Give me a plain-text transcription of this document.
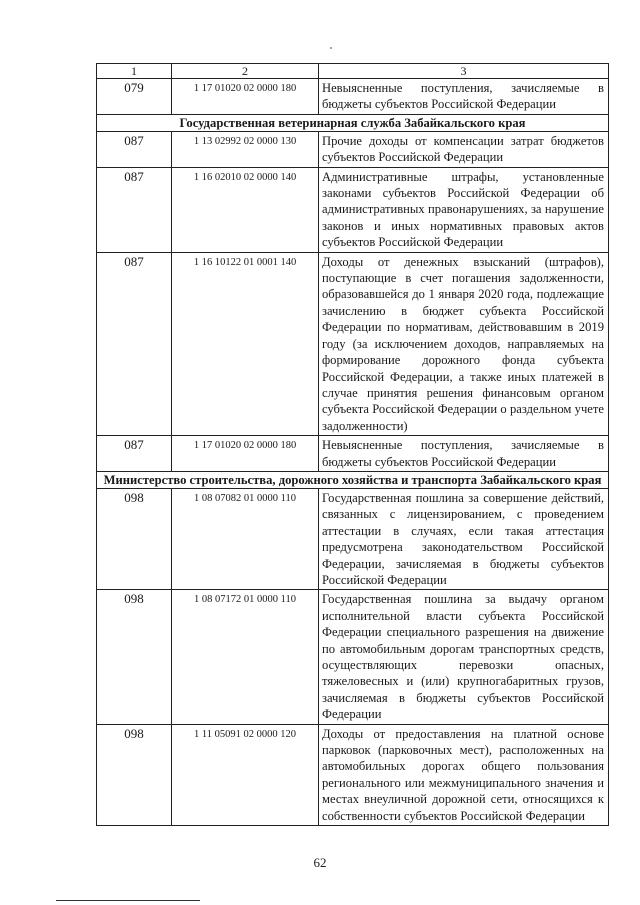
1	2	3
079	1 17 01020 02 0000 180	Невыясненные поступления, зачисляемые в бюджеты субъектов Российской Федерации
Государственная ветеринарная служба Забайкальского края		
087	1 13 02992 02 0000 130	Прочие доходы от компенсации затрат бюджетов субъектов Российской Федерации
087	1 16 02010 02 0000 140	Административные штрафы, установленные законами субъектов Российской Федерации об административных правонарушениях, за нарушение законов и иных нормативных правовых актов субъектов Российской Федерации
087	1 16 10122 01 0001 140	Доходы от денежных взысканий (штрафов), поступающие в счет погашения задолженности, образовавшейся до 1 января 2020 года, подлежащие зачислению в бюджет субъекта Российской Федерации по нормативам, действовавшим в 2019 году (за исключением доходов, направляемых на формирование дорожного фонда субъекта Российской Федерации, а также иных платежей в случае принятия решения финансовым органом субъекта Российской Федерации о раздельном учете задолженности)
087	1 17 01020 02 0000 180	Невыясненные поступления, зачисляемые в бюджеты субъектов Российской Федерации
Министерство строительства, дорожного хозяйства и транспорта Забайкальского края		
098	1 08 07082 01 0000 110	Государственная пошлина за совершение действий, связанных с лицензированием, с проведением аттестации в случаях, если такая аттестация предусмотрена законодательством Российской Федерации, зачисляемая в бюджеты субъектов Российской Федерации
098	1 08 07172 01 0000 110	Государственная пошлина за выдачу органом исполнительной власти субъекта Российской Федерации специального разрешения на движение по автомобильным дорогам транспортных средств, осуществляющих перевозки опасных, тяжеловесных и (или) крупногабаритных грузов, зачисляемая в бюджеты субъектов Российской Федерации
098	1 11 05091 02 0000 120	Доходы от предоставления на платной основе парковок (парковочных мест), расположенных на автомобильных дорогах общего пользования регионального или межмуниципального значения и местах внеуличной дорожной сети, относящихся к собственности субъектов Российской Федерации
62
